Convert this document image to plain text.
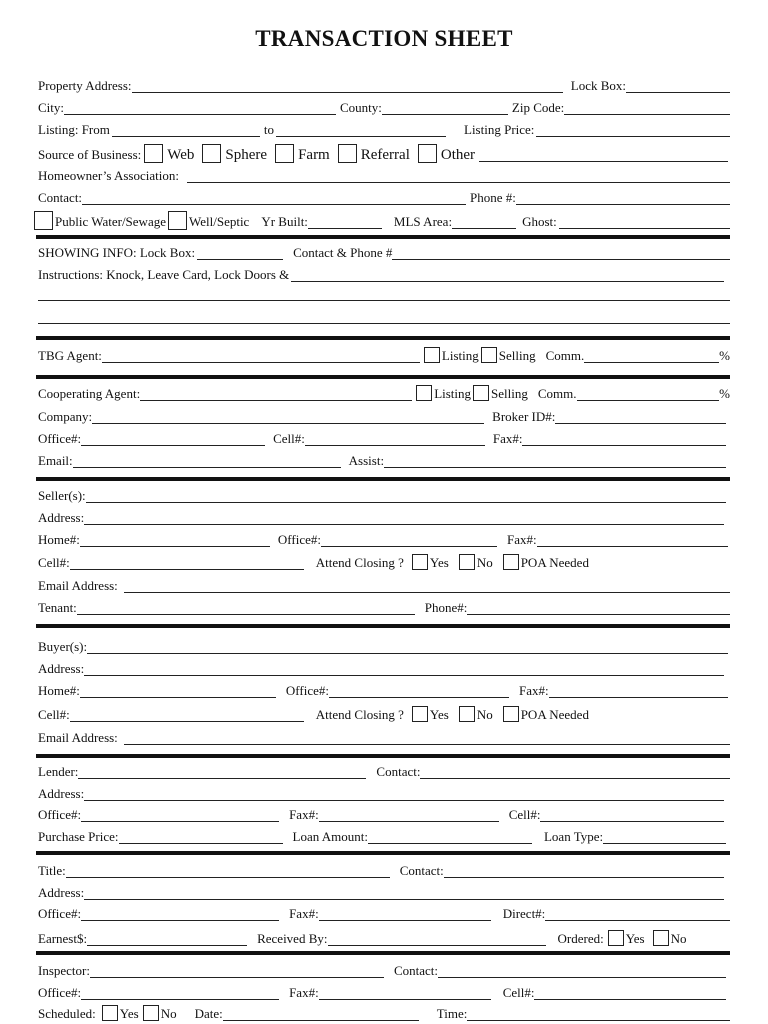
TRANSACTION SHEET
Property Address:	Lock Box:
City:	County:	Zip Code:
Listing: From	to	Listing Price:
Source of Business: Web Sphere Farm Referral Other
Homeowner’s Association:
Contact:	Phone #:
Public Water/Sewage Well/Septic Yr Built:	MLS Area:	Ghost:
SHOWING INFO: Lock Box:	Contact & Phone #
Instructions: Knock, Leave Card, Lock Doors &
TBG Agent:	Listing Selling Comm.	%
Cooperating Agent:	Listing Selling Comm.	%
Company:	Broker ID#:
Office#:	Cell#:	Fax#:
Email:	Assist:
Seller(s):
Address:
Home#:	Office#:	Fax#:
Cell#:	Attend Closing ? Yes No POA Needed
Email Address:
Tenant:	Phone#:
Buyer(s):
Address:
Home#:	Office#:	Fax#:
Cell#:	Attend Closing ? Yes No POA Needed
Email Address:
Lender:	Contact:
Address:
Office#:	Fax#:	Cell#:
Purchase Price:	Loan Amount:	Loan Type:
Title:	Contact:
Address:
Office#:	Fax#:	Direct#:
Earnest$:	Received By:	Ordered: Yes No
Inspector:	Contact:
Office#:	Fax#:	Cell#:
Scheduled: Yes No Date:	Time:
